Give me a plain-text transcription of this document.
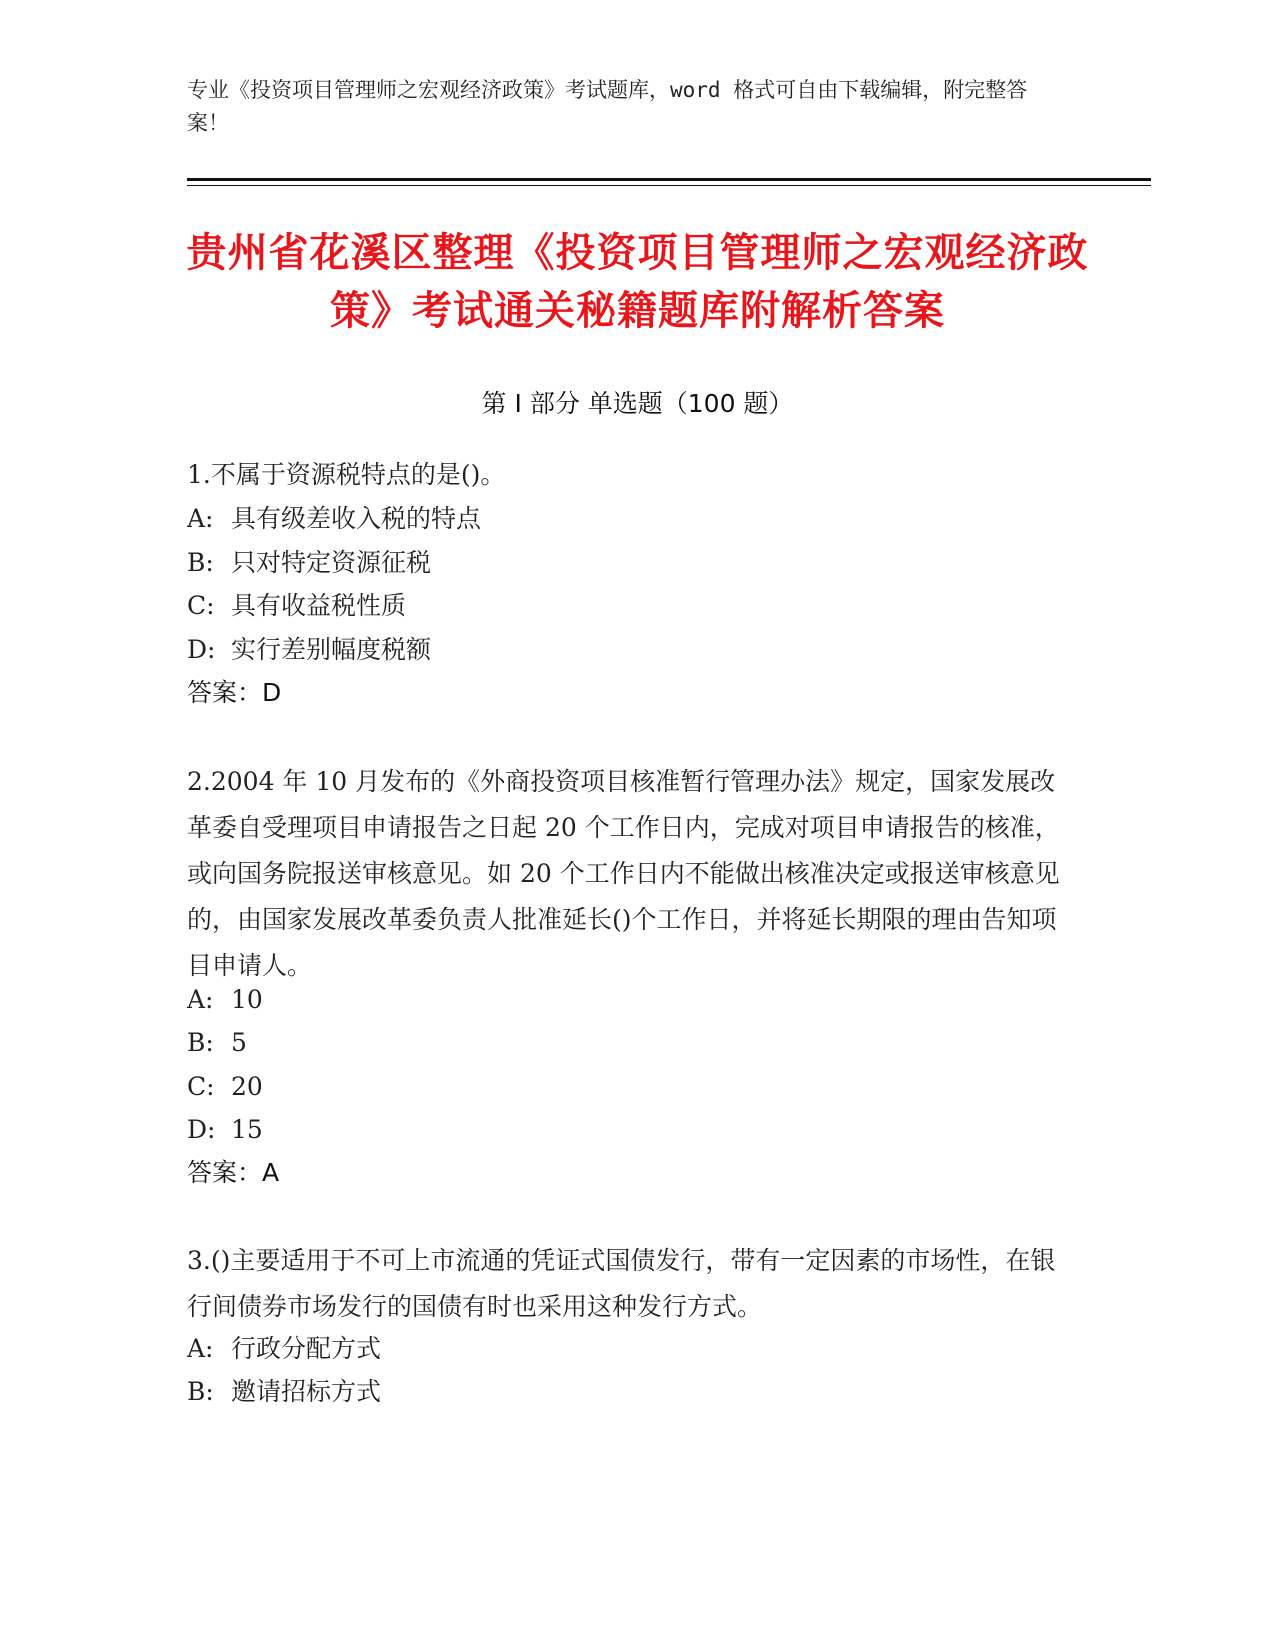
专业《投资项目管理师之宏观经济政策》考试题库，word 格式可自由下载编辑，附完整答案！
贵州省花溪区整理《投资项目管理师之宏观经济政策》考试通关秘籍题库附解析答案
第 I 部分 单选题（100 题）
1.不属于资源税特点的是()。
A: 具有级差收入税的特点
B: 只对特定资源征税
C: 具有收益税性质
D: 实行差别幅度税额
答案：D
2.2004 年 10 月发布的《外商投资项目核准暂行管理办法》规定，国家发展改革委自受理项目申请报告之日起 20 个工作日内，完成对项目申请报告的核准，或向国务院报送审核意见。如 20 个工作日内不能做出核准决定或报送审核意见的，由国家发展改革委负责人批准延长()个工作日，并将延长期限的理由告知项目申请人。
A: 10
B: 5
C: 20
D: 15
答案：A
3.()主要适用于不可上市流通的凭证式国债发行，带有一定因素的市场性，在银行间债券市场发行的国债有时也采用这种发行方式。
A: 行政分配方式
B: 邀请招标方式
